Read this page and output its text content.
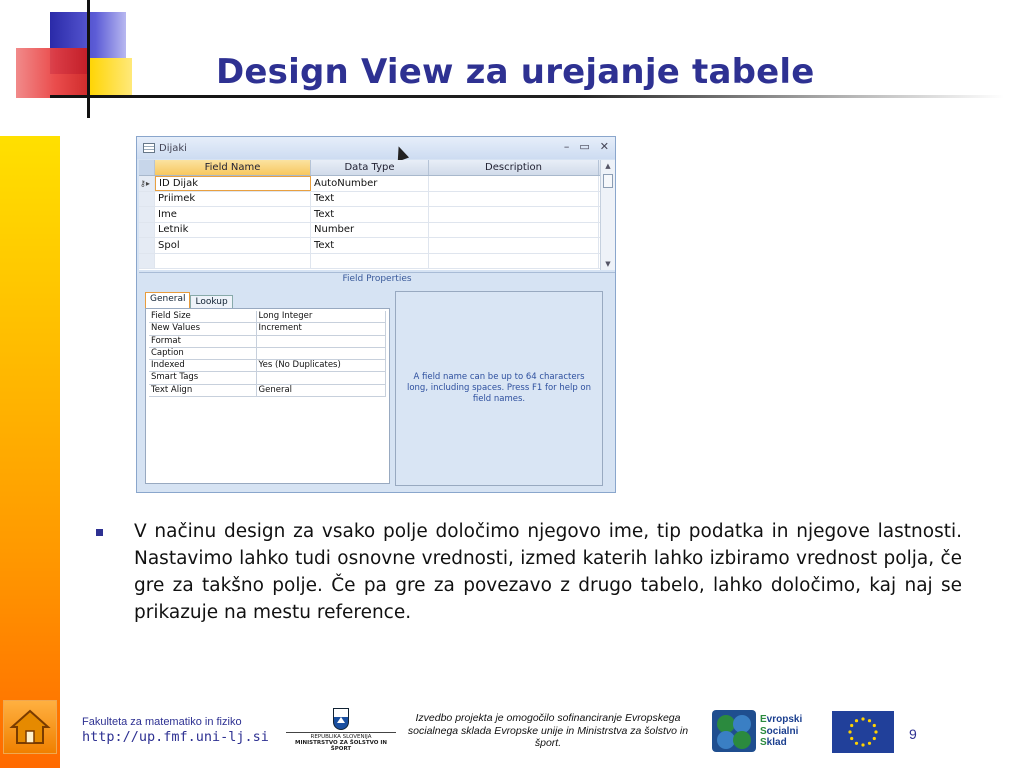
Design View za urejanje tabele
Dijaki	– ▭ ✕
Field Name	Data Type	Description
⚷▸ ID Dijak	AutoNumber
Priimek	Text
Ime	Text
Letnik	Number
Spol	Text
▲
▼
Field Properties
General	Lookup
Field Size	Long Integer
New Values	Increment
Format
Caption
Indexed	Yes (No Duplicates)
Smart Tags
Text Align	General
A field name can be up to 64 characters long, including spaces. Press F1 for help on field names.

V načinu design za vsako polje določimo njegovo ime, tip podatka in njegove lastnosti. Nastavimo lahko tudi osnovne vrednosti, izmed katerih lahko izbiramo vrednost polja, če gre za takšno polje. Če pa gre za povezavo z drugo tabelo, lahko določimo, kaj naj se prikazuje na mestu reference.

Fakulteta za matematiko in fiziko
http://up.fmf.uni-lj.si	REPUBLIKA SLOVENIJA
MINISTRSTVO ZA ŠOLSTVO IN ŠPORT
Izvedbo projekta je omogočilo sofinanciranje Evropskega socialnega sklada Evropske unije in Ministrstva za šolstvo in šport.
Evropski
Socialni
Sklad
9
